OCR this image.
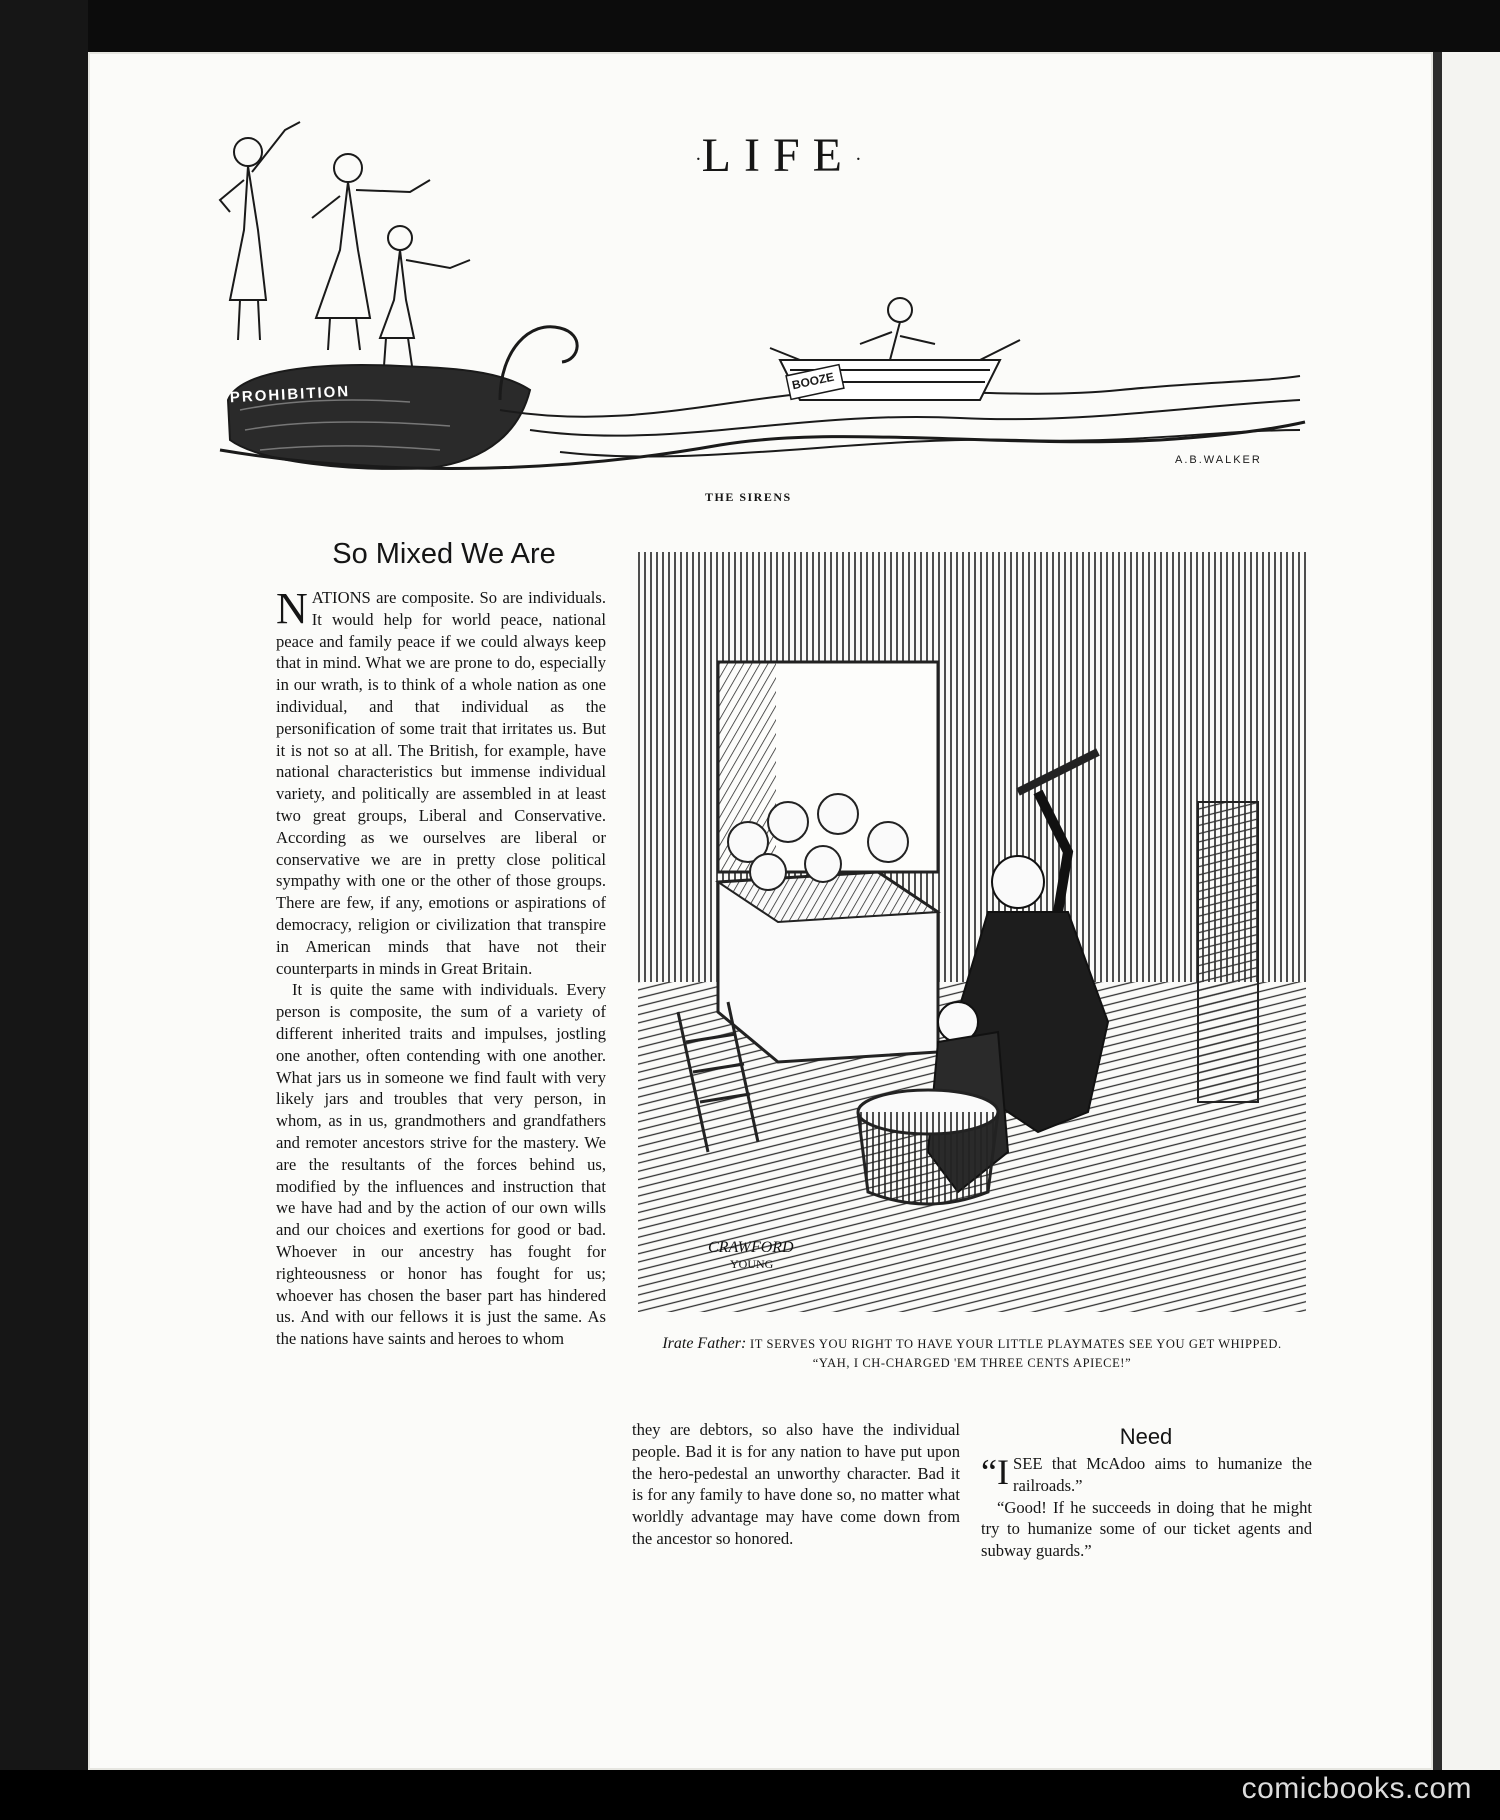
comicbooks.com
·LIFE·
PROHIBITION
BOOZE
A.B.WALKER
THE SIRENS
So Mixed We Are

NATIONS are composite. So are individuals. It would help for world peace, national peace and family peace if we could always keep that in mind. What we are prone to do, especially in our wrath, is to think of a whole nation as one individual, and that individual as the personification of some trait that irritates us. But it is not so at all. The British, for example, have national characteristics but immense individual variety, and politically are assembled in at least two great groups, Liberal and Conservative. According as we ourselves are liberal or conservative we are in pretty close political sympathy with one or the other of those groups. There are few, if any, emotions or aspirations of democracy, religion or civilization that transpire in American minds that have not their counterparts in minds in Great Britain.

It is quite the same with individuals. Every person is composite, the sum of a variety of different inherited traits and impulses, jostling one another, often contending with one another. What jars us in someone we find fault with very likely jars and troubles that very person, in whom, as in us, grandmothers and grandfathers and remoter ancestors strive for the mastery. We are the resultants of the forces behind us, modified by the influences and instruction that we have had and by the action of our own wills and our choices and exertions for good or bad. Whoever in our ancestry has fought for righteousness or honor has fought for us; whoever has chosen the baser part has hindered us. And with our fellows it is just the same. As the nations have saints and heroes to whom

they are debtors, so also have the individual people. Bad it is for any nation to have put upon the hero-pedestal an unworthy character. Bad it is for any family to have done so, no matter what worldly advantage may have come down from the ancestor so honored.

CRAWFORD
YOUNG
Irate Father: IT SERVES YOU RIGHT TO HAVE YOUR LITTLE PLAYMATES SEE YOU GET WHIPPED.
“YAH, I CH-CHARGED 'EM THREE CENTS APIECE!”
Need

“ISEE that McAdoo aims to humanize the railroads.”

“Good! If he succeeds in doing that he might try to humanize some of our ticket agents and subway guards.”
